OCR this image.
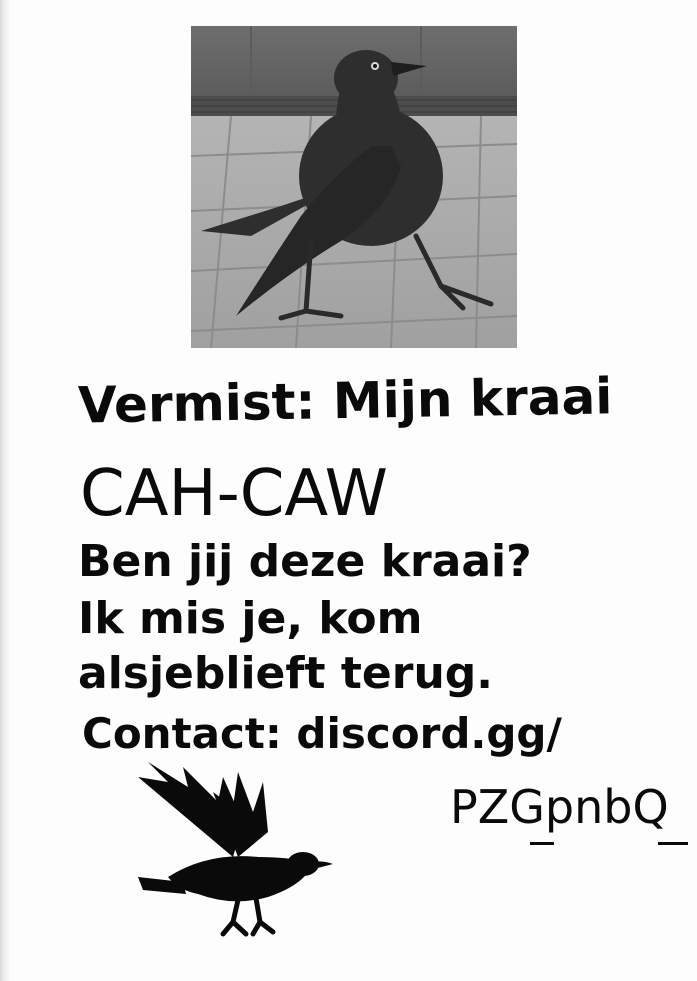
Vermist: Mijn kraai

CAH-CAW

Ben jij deze kraai?

Ik mis je, kom

alsjeblieft terug.

Contact: discord.gg/

PZGpnbQ
